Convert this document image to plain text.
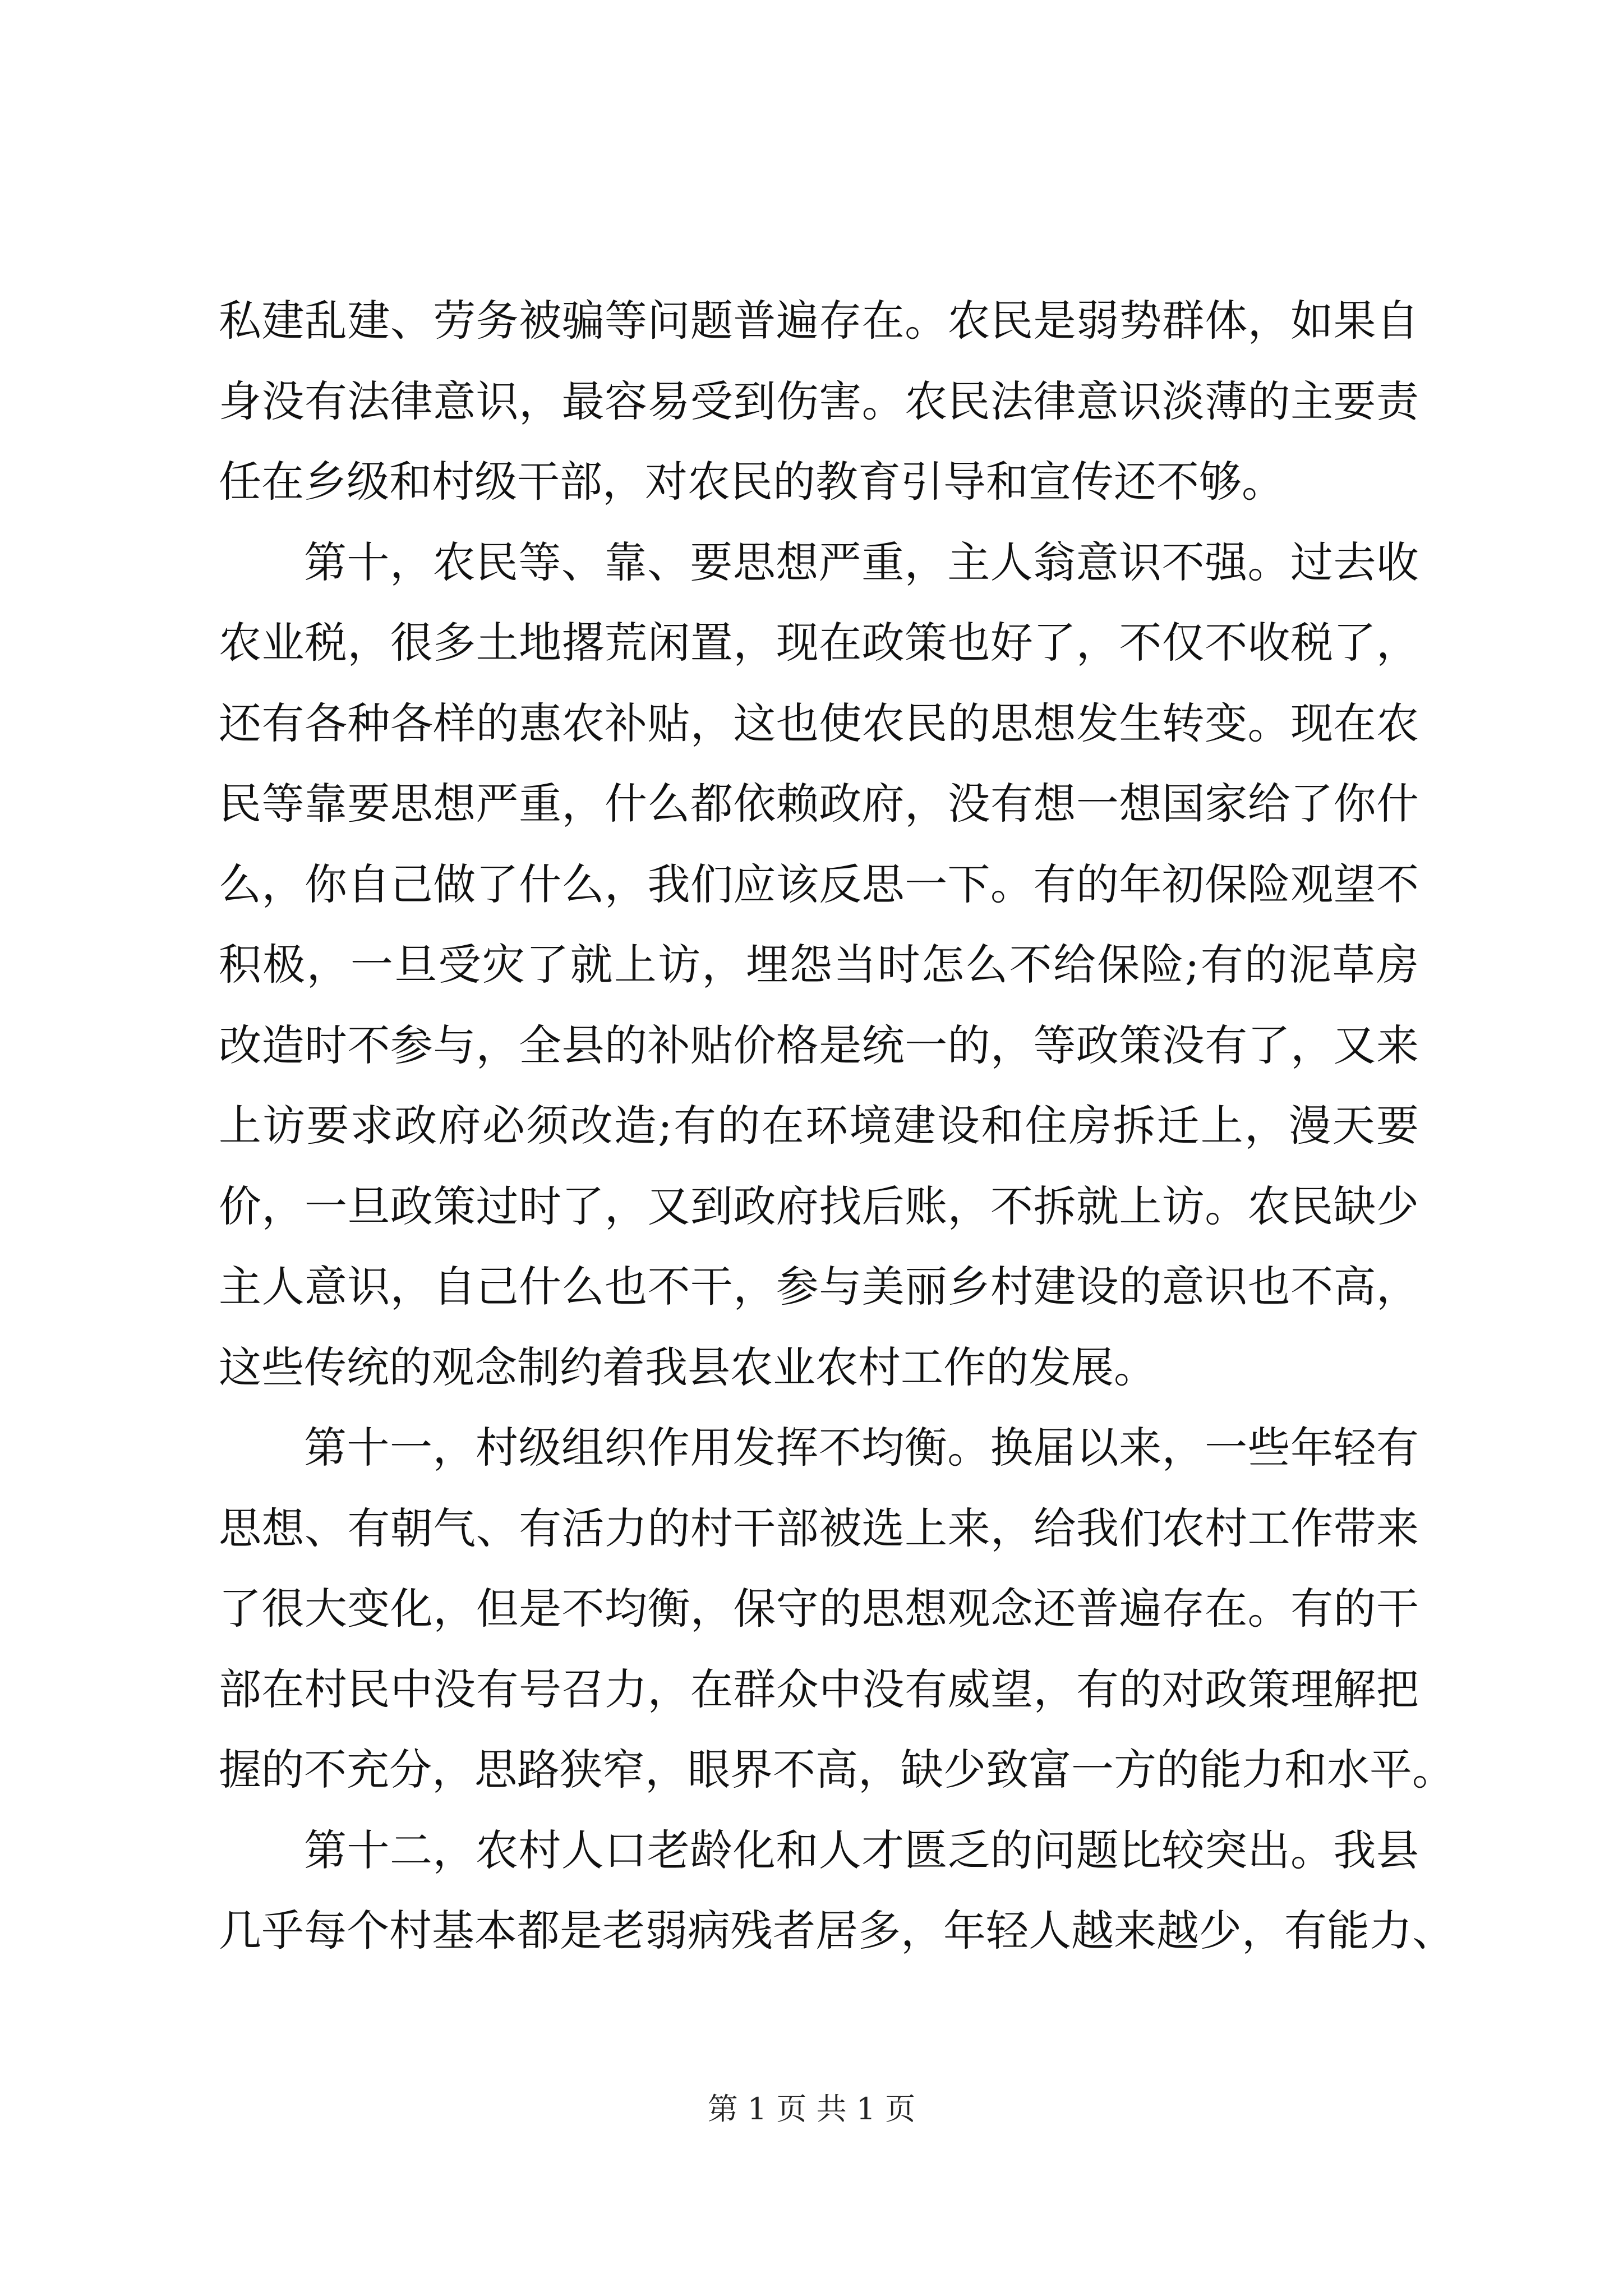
私建乱建、劳务被骗等问题普遍存在。农民是弱势群体，如果自
身没有法律意识，最容易受到伤害。农民法律意识淡薄的主要责
任在乡级和村级干部，对农民的教育引导和宣传还不够。
第十，农民等、靠、要思想严重，主人翁意识不强。过去收
农业税，很多土地撂荒闲置，现在政策也好了，不仅不收税了，
还有各种各样的惠农补贴，这也使农民的思想发生转变。现在农
民等靠要思想严重，什么都依赖政府，没有想一想国家给了你什
么，你自己做了什么，我们应该反思一下。有的年初保险观望不
积极，一旦受灾了就上访，埋怨当时怎么不给保险;有的泥草房
改造时不参与，全县的补贴价格是统一的，等政策没有了，又来
上访要求政府必须改造;有的在环境建设和住房拆迁上，漫天要
价，一旦政策过时了，又到政府找后账，不拆就上访。农民缺少
主人意识，自己什么也不干，参与美丽乡村建设的意识也不高，
这些传统的观念制约着我县农业农村工作的发展。
第十一，村级组织作用发挥不均衡。换届以来，一些年轻有
思想、有朝气、有活力的村干部被选上来，给我们农村工作带来
了很大变化，但是不均衡，保守的思想观念还普遍存在。有的干
部在村民中没有号召力，在群众中没有威望，有的对政策理解把
握的不充分，思路狭窄，眼界不高，缺少致富一方的能力和水平。
第十二，农村人口老龄化和人才匮乏的问题比较突出。我县
几乎每个村基本都是老弱病残者居多，年轻人越来越少，有能力、
第 1 页 共 1 页
